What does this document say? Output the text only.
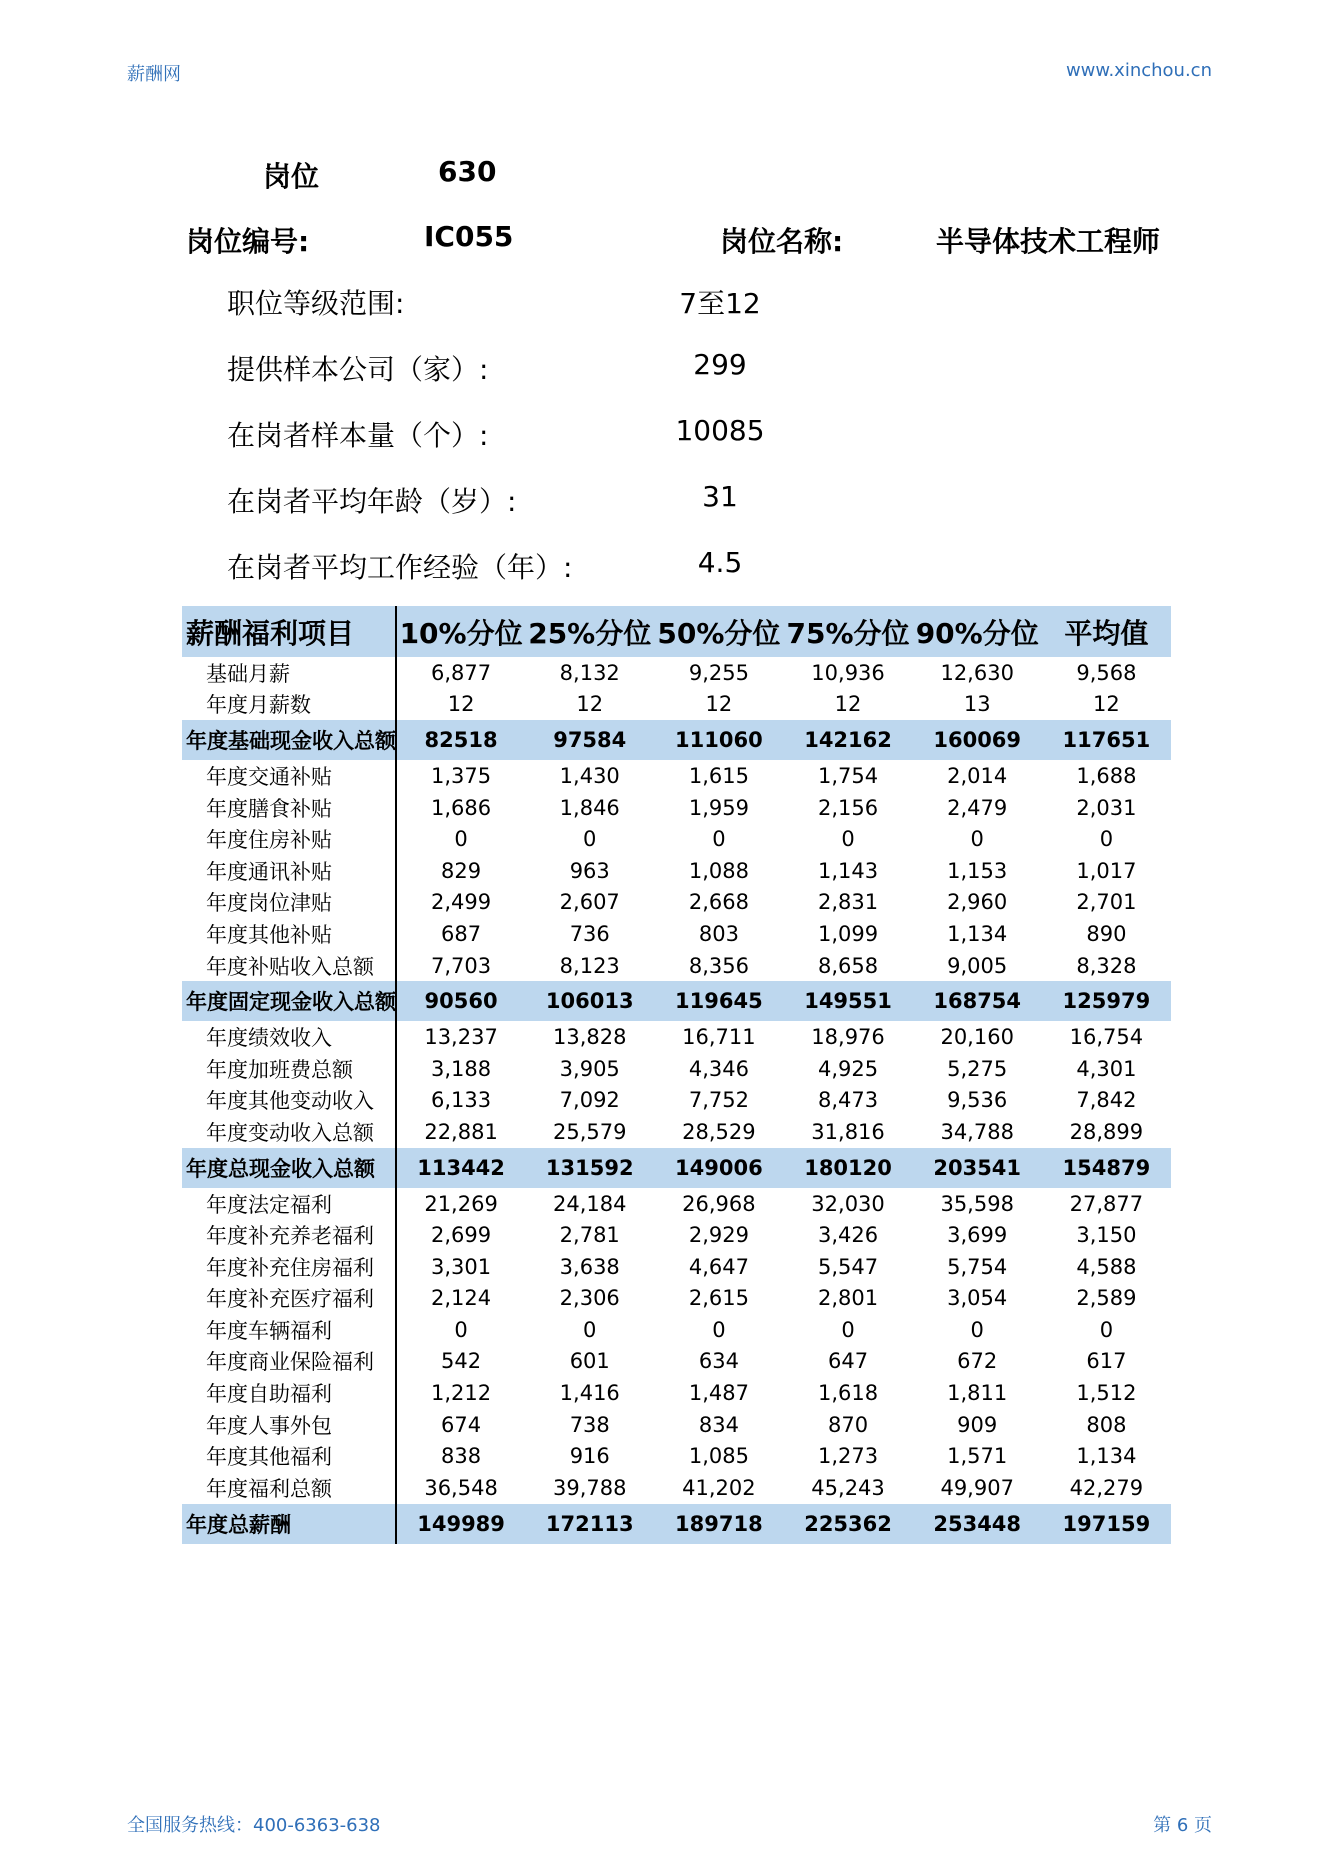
薪酬网	www.xinchou.cn
岗位	630
岗位编号:	IC055	岗位名称:	半导体技术工程师
职位等级范围:	7至12
提供样本公司（家）:	299
在岗者样本量（个）:	10085
在岗者平均年龄（岁）:	31
在岗者平均工作经验（年）:	4.5
薪酬福利项目	10%分位	25%分位	50%分位	75%分位	90%分位	平均值
基础月薪	6,877	8,132	9,255	10,936	12,630	9,568
年度月薪数	12	12	12	12	13	12
年度基础现金收入总额	82518	97584	111060	142162	160069	117651
年度交通补贴	1,375	1,430	1,615	1,754	2,014	1,688
年度膳食补贴	1,686	1,846	1,959	2,156	2,479	2,031
年度住房补贴	0	0	0	0	0	0
年度通讯补贴	829	963	1,088	1,143	1,153	1,017
年度岗位津贴	2,499	2,607	2,668	2,831	2,960	2,701
年度其他补贴	687	736	803	1,099	1,134	890
年度补贴收入总额	7,703	8,123	8,356	8,658	9,005	8,328
年度固定现金收入总额	90560	106013	119645	149551	168754	125979
年度绩效收入	13,237	13,828	16,711	18,976	20,160	16,754
年度加班费总额	3,188	3,905	4,346	4,925	5,275	4,301
年度其他变动收入	6,133	7,092	7,752	8,473	9,536	7,842
年度变动收入总额	22,881	25,579	28,529	31,816	34,788	28,899
年度总现金收入总额	113442	131592	149006	180120	203541	154879
年度法定福利	21,269	24,184	26,968	32,030	35,598	27,877
年度补充养老福利	2,699	2,781	2,929	3,426	3,699	3,150
年度补充住房福利	3,301	3,638	4,647	5,547	5,754	4,588
年度补充医疗福利	2,124	2,306	2,615	2,801	3,054	2,589
年度车辆福利	0	0	0	0	0	0
年度商业保险福利	542	601	634	647	672	617
年度自助福利	1,212	1,416	1,487	1,618	1,811	1,512
年度人事外包	674	738	834	870	909	808
年度其他福利	838	916	1,085	1,273	1,571	1,134
年度福利总额	36,548	39,788	41,202	45,243	49,907	42,279
年度总薪酬	149989	172113	189718	225362	253448	197159
全国服务热线：400-6363-638	第 6 页
